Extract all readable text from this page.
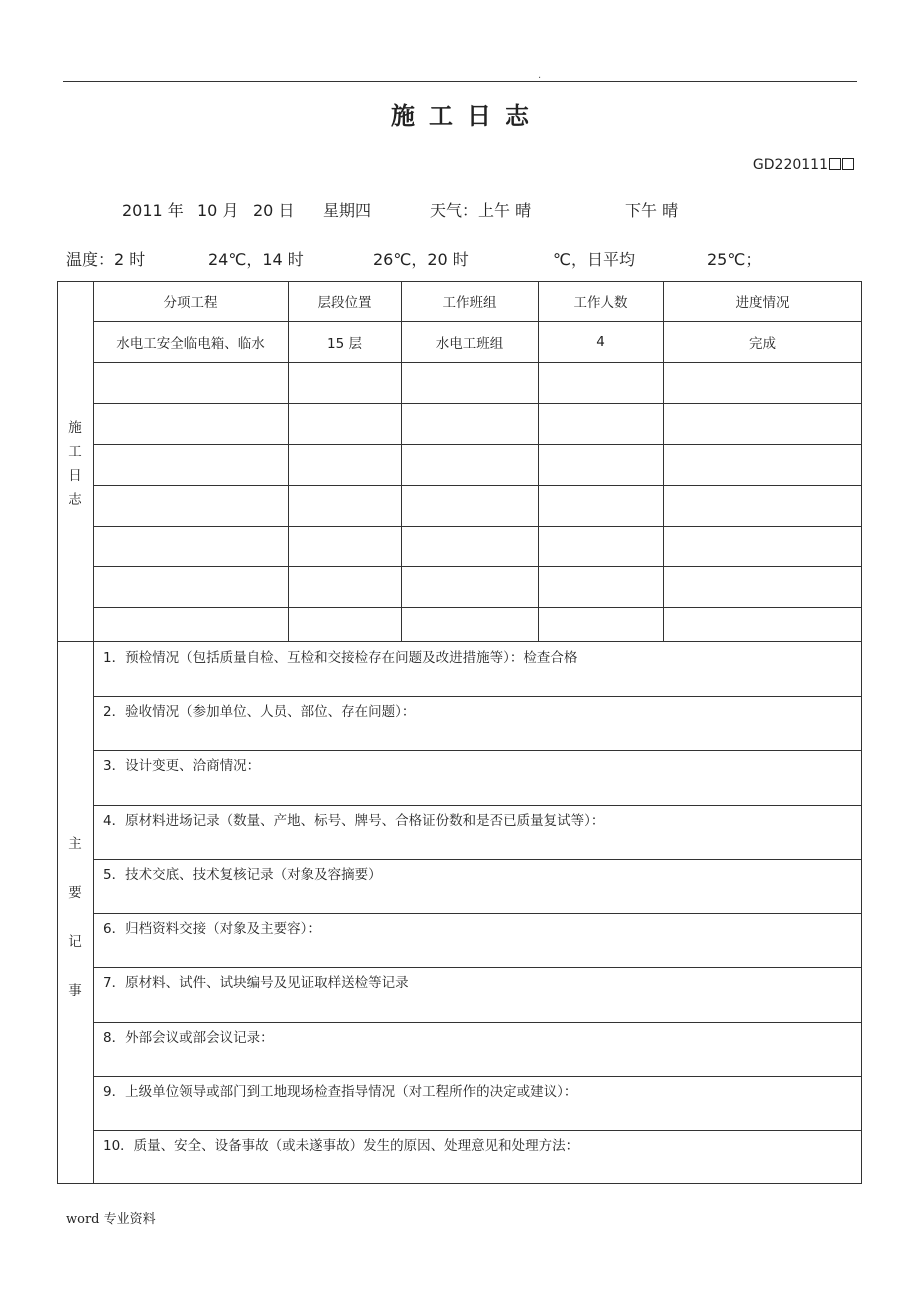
.
施工日志
GD220111
2011 年 10 月 20 日 星期四	天气：上午 晴	下午 晴
温度：2 时	24℃，14 时	26℃，20 时	℃，日平均	25℃；
施
工
日
志
分项工程	层段位置	工作班组	工作人数	进度情况
水电工安全临电箱、临水	15 层	水电工班组	4	完成
主
要
记
事
1．预检情况（包括质量自检、互检和交接检存在问题及改进措施等）：检查合格
2．验收情况（参加单位、人员、部位、存在问题）：
3．设计变更、洽商情况：
4．原材料进场记录（数量、产地、标号、牌号、合格证份数和是否已质量复试等）：
5．技术交底、技术复核记录（对象及容摘要）
6．归档资料交接（对象及主要容）：
7．原材料、试件、试块编号及见证取样送检等记录
8．外部会议或部会议记录：
9．上级单位领导或部门到工地现场检查指导情况（对工程所作的决定或建议）：
10．质量、安全、设备事故（或未遂事故）发生的原因、处理意见和处理方法：
word 专业资料
